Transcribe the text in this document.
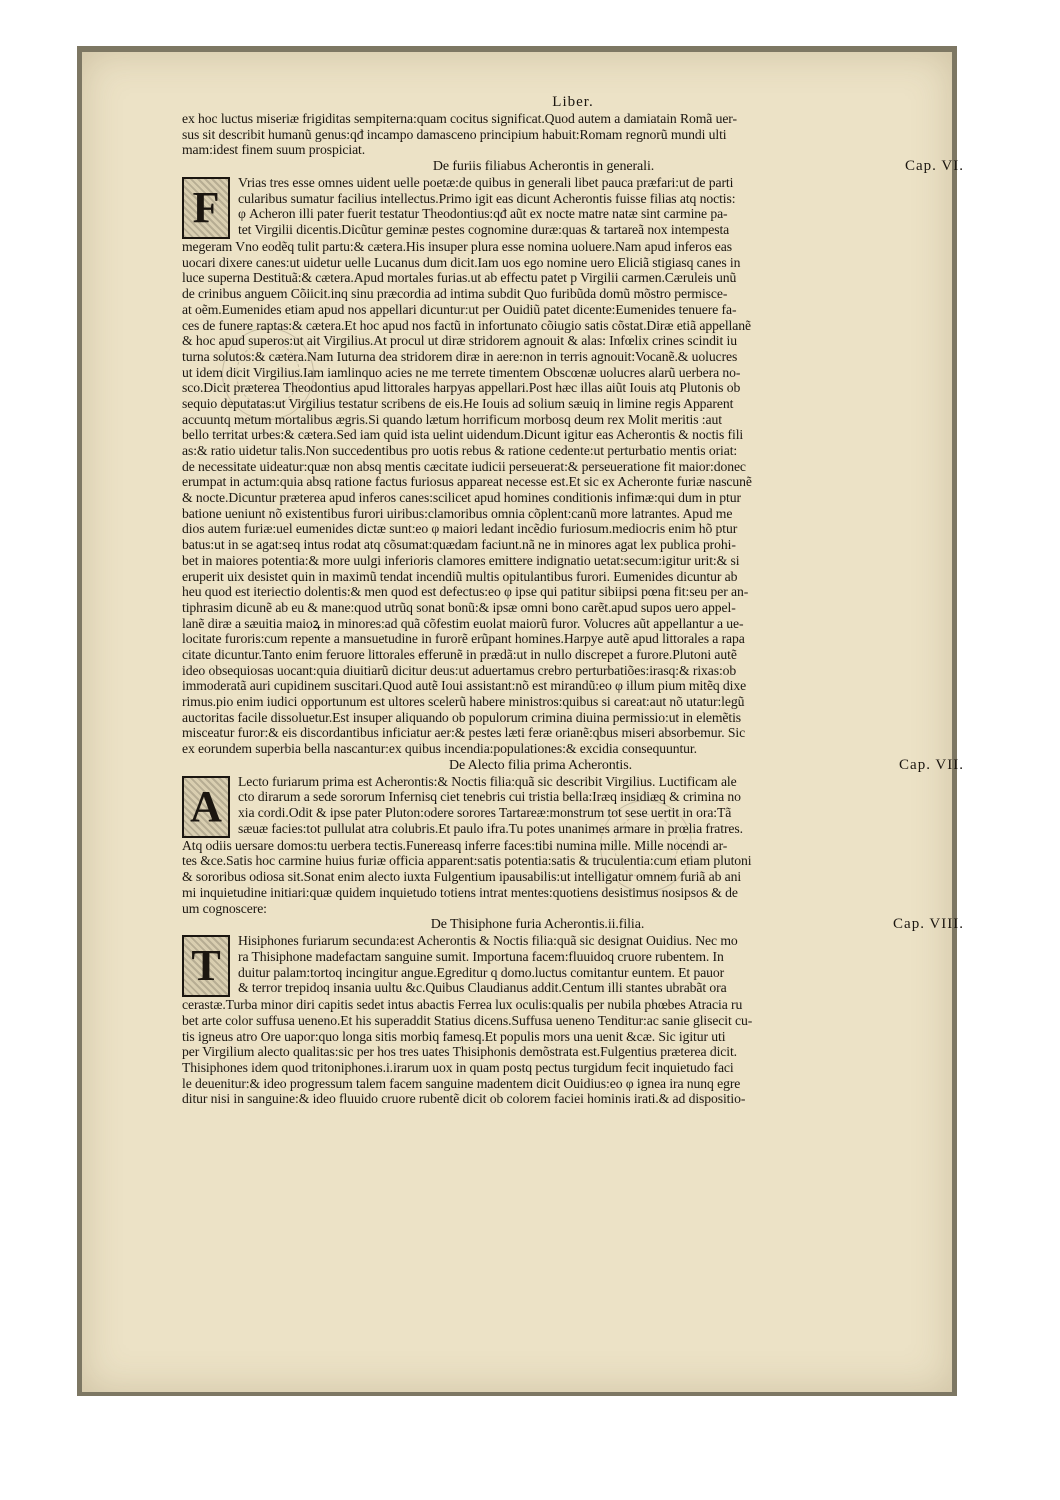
Liber.
ex hoc luctus miseriæ frigiditas sempiterna:quam cocitus significat.Quod autem a damiatain Romã uer-
sus sit describit humanũ genus:qđ incampo damasceno principium habuit:Romam regnorũ mundi ulti
mam:idest finem suum prospiciat.
De furiis filiabus Acherontis in generali.	Cap. VI.
F
Vrias tres esse omnes uident uelle poetæ:de quibus in generali libet pauca præfari:ut de parti
cularibus sumatur facilius intellectus.Primo igit eas dicunt Acherontis fuisse filias atq noctis:
φ Acheron illi pater fuerit testatur Theodontius:qđ aũt ex nocte matre natæ sint carmine pa-
tet Virgilii dicentis.Dicũtur geminæ pestes cognomine duræ:quas & tartareã nox intempesta
megeram Vno eodẽq tulit partu:& cætera.His insuper plura esse nomina uoluere.Nam apud inferos eas
uocari dixere canes:ut uidetur uelle Lucanus dum dicit.Iam uos ego nomine uero Eliciã stigiasq canes in
luce superna Destituã:& cætera.Apud mortales furias.ut ab effectu patet p Virgilii carmen.Cæruleis unũ
de crinibus anguem Cõiicit.inq sinu præcordia ad intima subdit Quo furibũda domũ mõstro permisce-
at oẽm.Eumenides etiam apud nos appellari dicuntur:ut per Ouidiũ patet dicente:Eumenides tenuere fa-
ces de funere raptas:& cætera.Et hoc apud nos factũ in infortunato cõiugio satis cõstat.Diræ etiã appellanẽ
& hoc apud superos:ut ait Virgilius.At procul ut diræ stridorem agnouit & alas: Infœlix crines scindit iu
turna solutos:& cætera.Nam Iuturna dea stridorem diræ in aere:non in terris agnouit:Vocanẽ.& uolucres
ut idem dicit Virgilius.Iam iamlinquo acies ne me terrete timentem Obscœnæ uolucres alarũ uerbera no-
sco.Dicit præterea Theodontius apud littorales harpyas appellari.Post hæc illas aiũt Iouis atq Plutonis ob
sequio deputatas:ut Virgilius testatur scribens de eis.He Iouis ad solium sæuiq in limine regis Apparent
accuuntq metum mortalibus ægris.Si quando lætum horrificum morbosq deum rex Molit meritis :aut
bello territat urbes:& cætera.Sed iam quid ista uelint uidendum.Dicunt igitur eas Acherontis & noctis fili
as:& ratio uidetur talis.Non succedentibus pro uotis rebus & ratione cedente:ut perturbatio mentis oriat:
de necessitate uideatur:quæ non absq mentis cæcitate iudicii perseuerat:& perseueratione fit maior:donec
erumpat in actum:quia absq ratione factus furiosus appareat necesse est.Et sic ex Acheronte furiæ nascunẽ
& nocte.Dicuntur præterea apud inferos canes:scilicet apud homines conditionis infimæ:qui dum in ptur
batione ueniunt nõ existentibus furori uiribus:clamoribus omnia cõplent:canũ more latrantes. Apud me
dios autem furiæ:uel eumenides dictæ sunt:eo φ maiori ledant incẽdio furiosum.mediocris enim hõ ptur
batus:ut in se agat:seq intus rodat atq cõsumat:quædam faciunt.nã ne in minores agat lex publica prohi-
bet in maiores potentia:& more uulgi inferioris clamores emittere indignatio uetat:secum:igitur urit:& si
eruperit uix desistet quin in maximũ tendat incendiũ multis opitulantibus furori. Eumenides dicuntur ab
heu quod est iteriectio dolentis:& men quod est defectus:eo φ ipse qui patitur sibiipsi pœna fit:seu per an-
tiphrasim dicunẽ ab eu & mane:quod utrũq sonat bonũ:& ipsæ omni bono carẽt.apud supos uero appel-
lanẽ diræ a sæuitia maioꝝ in minores:ad quã cõfestim euolat maiorũ furor. Volucres aũt appellantur a ue-
locitate furoris:cum repente a mansuetudine in furorẽ erũpant homines.Harpye autẽ apud littorales a rapa
citate dicuntur.Tanto enim feruore littorales efferunẽ in prædã:ut in nullo discrepet a furore.Plutoni autẽ
ideo obsequiosas uocant:quia diuitiarũ dicitur deus:ut aduertamus crebro perturbatiões:irasq:& rixas:ob
immoderatã auri cupidinem suscitari.Quod autẽ Ioui assistant:nõ est mirandũ:eo φ illum pium mitẽq dixe
rimus.pio enim iudici opportunum est ultores scelerũ habere ministros:quibus si careat:aut nõ utatur:legũ
auctoritas facile dissoluetur.Est insuper aliquando ob populorum crimina diuina permissio:ut in elemẽtis
misceatur furor:& eis discordantibus inficiatur aer:& pestes læti feræ orianẽ:qbus miseri absorbemur. Sic
ex eorundem superbia bella nascantur:ex quibus incendia:populationes:& excidia consequuntur.
De Alecto filia prima Acherontis.	Cap. VII.
A
Lecto furiarum prima est Acherontis:& Noctis filia:quã sic describit Virgilius. Luctificam ale
cto dirarum a sede sororum Infernisq ciet tenebris cui tristia bella:Iræq insidiæq & crimina no
xia cordi.Odit & ipse pater Pluton:odere sorores Tartareæ:monstrum tot sese uertit in ora:Tã
sæuæ facies:tot pullulat atra colubris.Et paulo ifra.Tu potes unanimes armare in prœlia fratres.
Atq odiis uersare domos:tu uerbera tectis.Funereasq inferre faces:tibi numina mille. Mille nocendi ar-
tes &ce.Satis hoc carmine huius furiæ officia apparent:satis potentia:satis & truculentia:cum etiam plutoni
& sororibus odiosa sit.Sonat enim alecto iuxta Fulgentium ipausabilis:ut intelligatur omnem furiã ab ani
mi inquietudine initiari:quæ quidem inquietudo totiens intrat mentes:quotiens desistimus nosipsos & de
um cognoscere:
De Thisiphone furia Acherontis.ii.filia.	Cap. VIII.
T
Hisiphones furiarum secunda:est Acherontis & Noctis filia:quã sic designat Ouidius. Nec mo
ra Thisiphone madefactam sanguine sumit. Importuna facem:fluuidoq cruore rubentem. In
duitur palam:tortoq incingitur angue.Egreditur q domo.luctus comitantur euntem. Et pauor
& terror trepidoq insania uultu &c.Quibus Claudianus addit.Centum illi stantes ubrabãt ora
cerastæ.Turba minor diri capitis sedet intus abactis Ferrea lux oculis:qualis per nubila phœbes Atracia ru
bet arte color suffusa ueneno.Et his superaddit Statius dicens.Suffusa ueneno Tenditur:ac sanie glisecit cu-
tis igneus atro Ore uapor:quo longa sitis morbiq famesq.Et populis mors una uenit &cæ. Sic igitur uti
per Virgilium alecto qualitas:sic per hos tres uates Thisiphonis demõstrata est.Fulgentius præterea dicit.
Thisiphones idem quod tritoniphones.i.irarum uox in quam postq pectus turgidum fecit inquietudo faci
le deuenitur:& ideo progressum talem facem sanguine madentem dicit Ouidius:eo φ ignea ira nunq egre
ditur nisi in sanguine:& ideo fluuido cruore rubentẽ dicit ob colorem faciei hominis irati.& ad dispositio-
